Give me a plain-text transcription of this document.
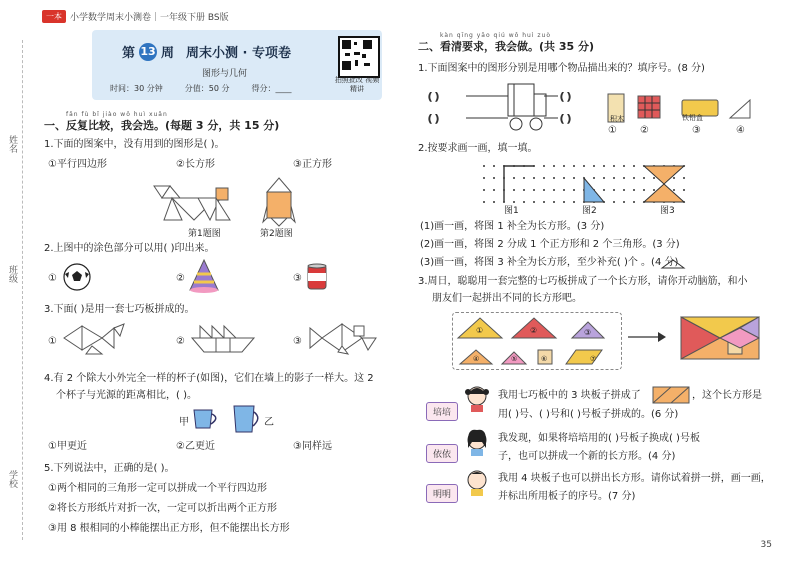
姓名
班级
学校
一本 小学数学周末小测卷｜一年级下册 BS版
第 13 周 周末小测 · 专项卷
图形与几何
时间：30 分钟	分值：50 分	得分：____
拍照批改 视频精讲
fǎn fù bǐ jiào wǒ huì xuǎn
一、反复比较，我会选。(每题 3 分，共 15 分)
1.下面的图案中，没有用到的图形是( )。
①平行四边形	②长方形	③正方形
第1题图	第2题图
2.上图中的涂色部分可以用( )印出来。
①	②	③
3.下面( )是用一套七巧板拼成的。
①	②	③
4.有 2 个除大小外完全一样的杯子(如图)，它们在墙上的影子一样大。这 2
个杯子与光源的距离相比，( )。
甲	乙
①甲更近	②乙更近	③同样远
5.下列说法中，正确的是( )。
①两个相同的三角形一定可以拼成一个平行四边形
②将长方形纸片对折一次，一定可以折出两个正方形
③用 8 根相同的小棒能摆出正方形，但不能摆出长方形
kàn qīng yāo qiú wǒ huì zuò
二、看清要求，我会做。(共 35 分)
1.下面图案中的图形分别是用哪个物品描出来的？填序号。(8 分)
( )
( )
( )
( )	积木	铁铅盒
① ②	③	④
2.按要求画一画，填一填。
图1	图2	图3
(1)画一画，将图 1 补全为长方形。(3 分)
(2)画一画，将图 2 分成 1 个正方形和 2 个三角形。(3 分)
(3)画一画，将图 3 补全为长方形，至少补充( )个 。(4 分)
3.周日，聪聪用一套完整的七巧板拼成了一个长方形，请你开动脑筋，和小
朋友们一起拼出不同的长方形吧。
①	②	③
④	⑤	⑥	⑦
培培
我用七巧板中的 3 块板子拼成了	，这个长方形是
用( )号、( )号和( )号板子拼成的。(6 分)
依依
我发现，如果将培培用的( )号板子换成( )号板
子，也可以拼成一个新的长方形。(4 分)
明明
我用 4 块板子也可以拼出长方形。请你试着拼一拼，画一画，
并标出所用板子的序号。(7 分)
35
